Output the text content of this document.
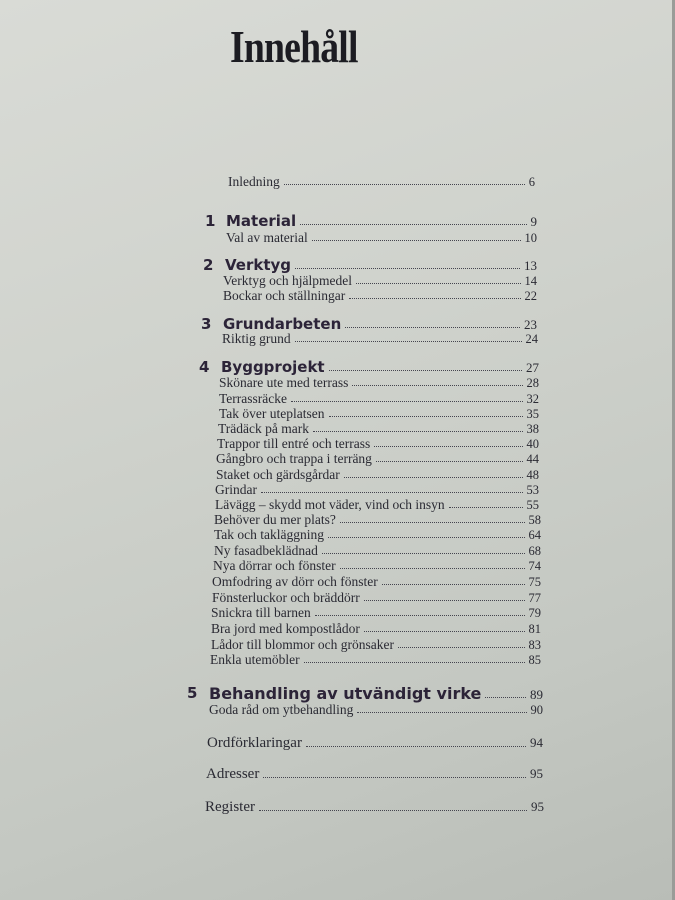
Innehåll
Inledning	6
1 Material	9
Val av material	10
2 Verktyg	13
Verktyg och hjälpmedel	14
Bockar och ställningar	22
3 Grundarbeten	23
Riktig grund	24
4 Byggprojekt	27
Skönare ute med terrass	28
Terrassräcke	32
Tak över uteplatsen	35
Trädäck på mark	38
Trappor till entré och terrass	40
Gångbro och trappa i terräng	44
Staket och gärdsgårdar	48
Grindar	53
Lävägg – skydd mot väder, vind och insyn	55
Behöver du mer plats?	58
Tak och takläggning	64
Ny fasadbeklädnad	68
Nya dörrar och fönster	74
Omfodring av dörr och fönster	75
Fönsterluckor och bräddörr	77
Snickra till barnen	79
Bra jord med kompostlådor	81
Lådor till blommor och grönsaker	83
Enkla utemöbler	85
5 Behandling av utvändigt virke	89
Goda råd om ytbehandling	90
Ordförklaringar	94
Adresser	95
Register	95
